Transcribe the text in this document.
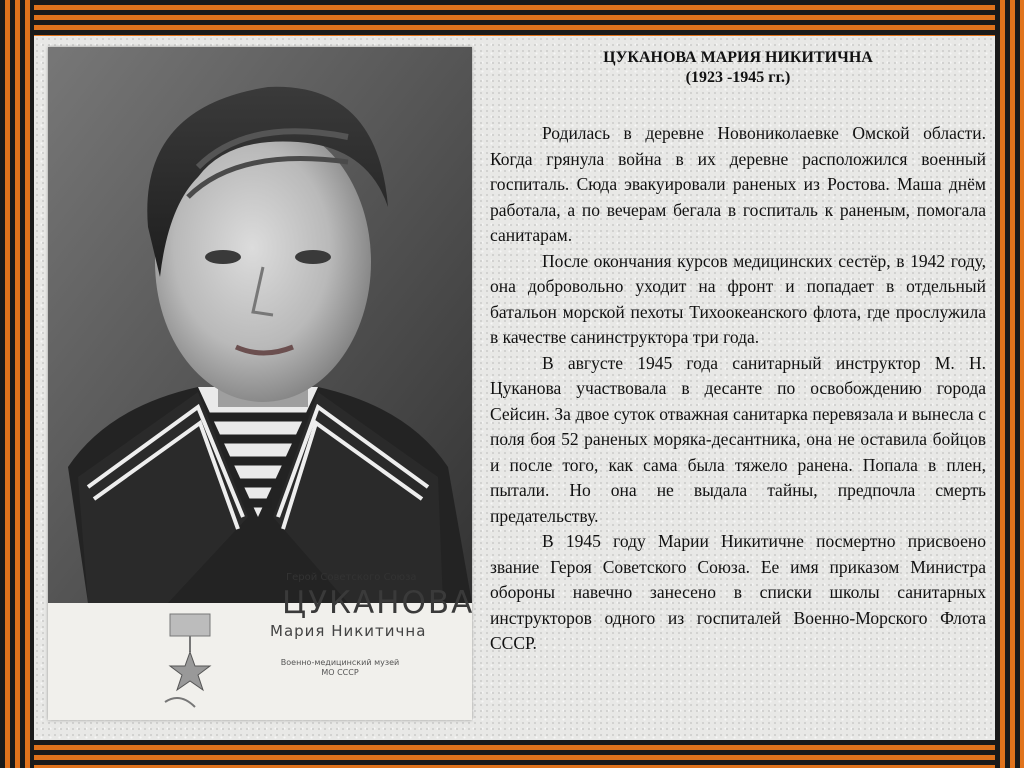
Герой Советского Союза
ЦУКАНОВА
Мария Никитична
Военно-медицинский музей
МО СССР

ЦУКАНОВА МАРИЯ НИКИТИЧНА

(1923 -1945 гг.)

Родилась в деревне Новониколаевке Омской области. Когда грянула война в их деревне расположился военный госпиталь. Сюда эвакуировали раненых из Ростова. Маша днём работала, а по вечерам бегала в госпиталь к раненым, помогала санитарам.

После окончания курсов медицинских сестёр, в 1942 году, она добровольно уходит на фронт и попадает в отдельный батальон морской пехоты Тихоокеанского флота, где прослужила в качестве санинструктора три года.

В августе 1945 года санитарный инструктор М. Н. Цуканова участвовала в десанте по освобождению города Сейсин. За двое суток отважная санитарка перевязала и вынесла с поля боя 52 раненых моряка-десантника, она не оставила бойцов и после того, как сама была тяжело ранена. Попала в плен, пытали. Но она не выдала тайны, предпочла смерть предательству.

В 1945 году Марии Никитичне посмертно присвоено звание Героя Советского Союза. Ее имя приказом Министра обороны навечно занесено в списки школы санитарных инструкторов одного из госпиталей Военно-Морского Флота СССР.
